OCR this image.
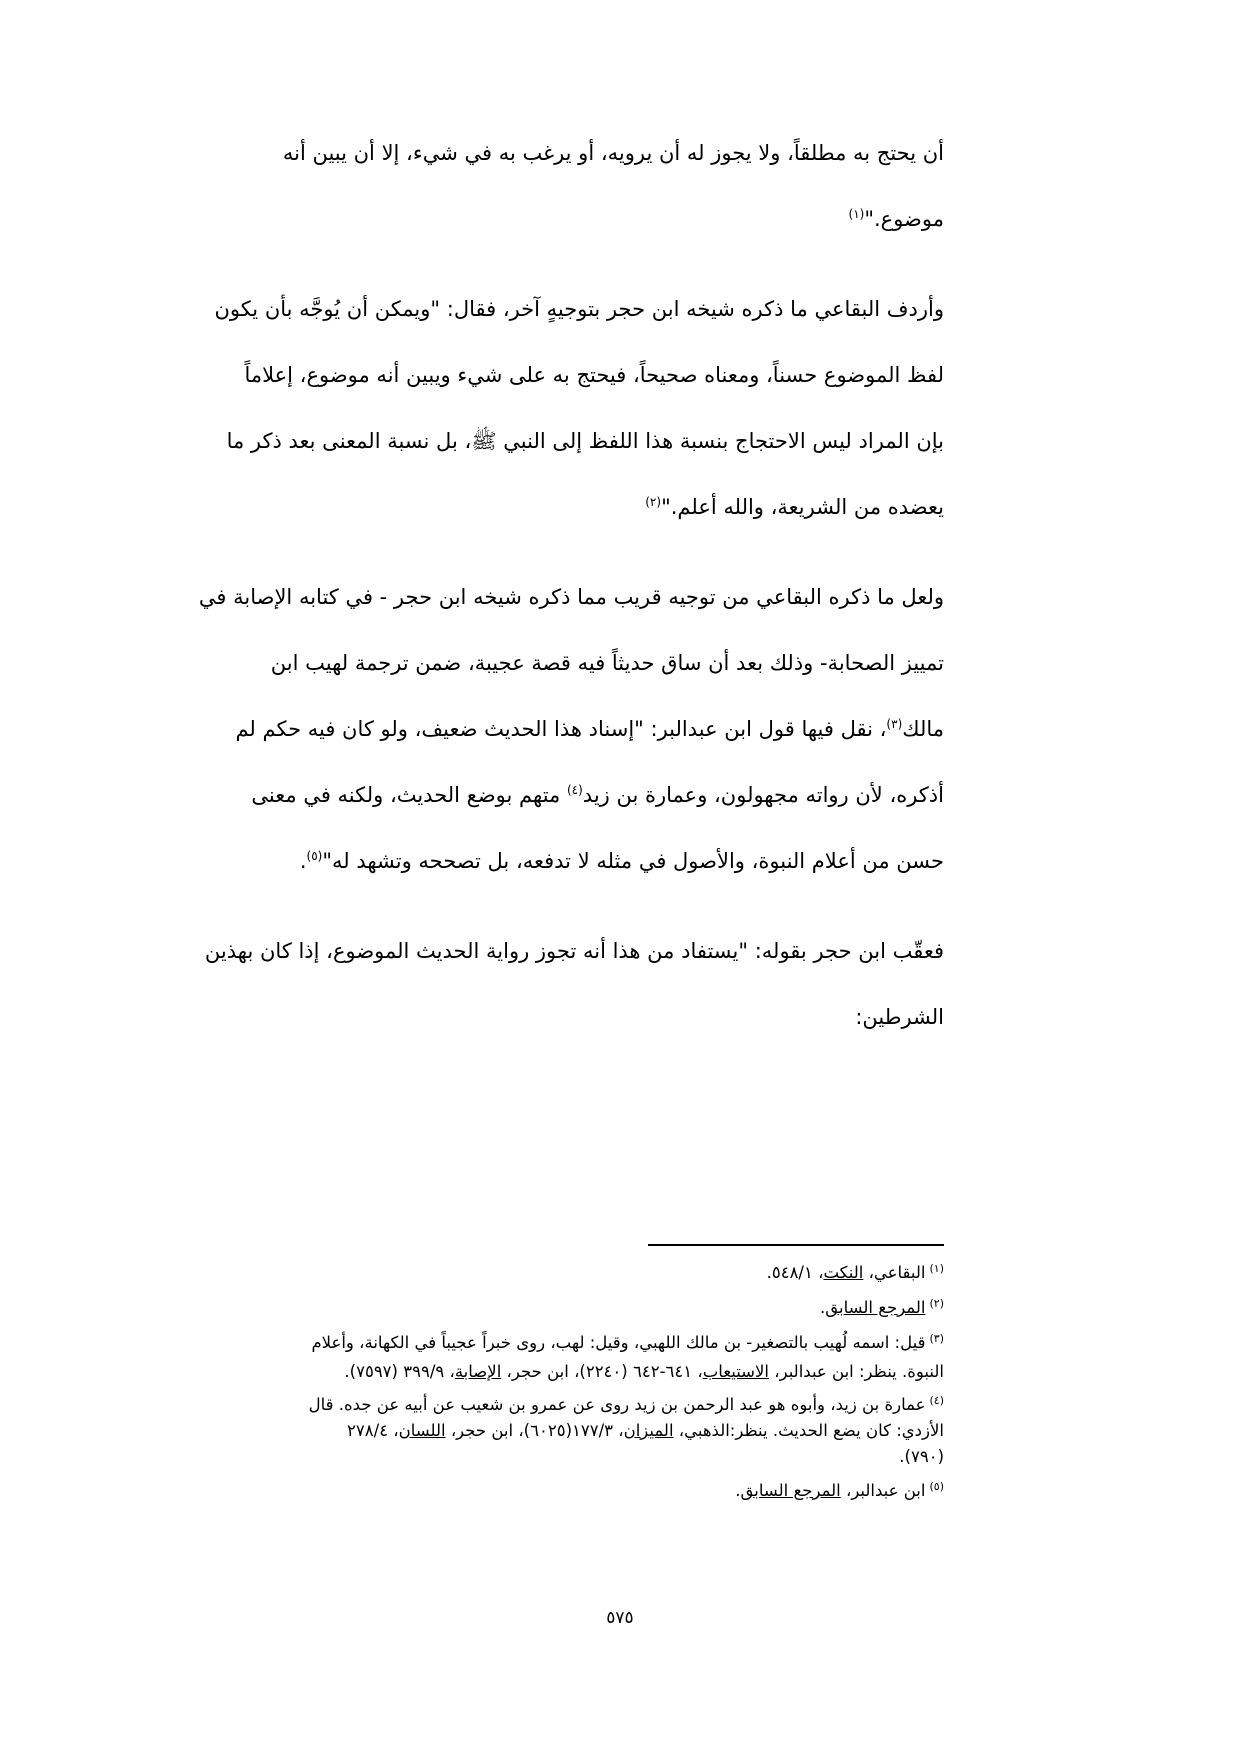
أن يحتج به مطلقاً، ولا يجوز له أن يرويه، أو يرغب به في شيء، إلا أن يبين أنه
موضوع."$^{(١)}$

وأردف البقاعي ما ذكره شيخه ابن حجر بتوجيهٍ آخر، فقال: "ويمكن أن يُوجَّه بأن يكون
لفظ الموضوع حسناً، ومعناه صحيحاً، فيحتج به على شيء ويبين أنه موضوع، إعلاماً
بإن المراد ليس الاحتجاج بنسبة هذا اللفظ إلى النبي ﷺ، بل نسبة المعنى بعد ذكر ما
يعضده من الشريعة، والله أعلم."$^{(٢)}$

ولعل ما ذكره البقاعي من توجيه قريب مما ذكره شيخه ابن حجر - في كتابه الإصابة في
تمييز الصحابة- وذلك بعد أن ساق حديثاً فيه قصة عجيبة، ضمن ترجمة لهيب ابن
مالك$^{(٣)}$، نقل فيها قول ابن عبدالبر: "إسناد هذا الحديث ضعيف، ولو كان فيه حكم لم
أذكره، لأن رواته مجهولون، وعمارة بن زيد$^{(٤)}$ متهم بوضع الحديث، ولكنه في معنى
حسن من أعلام النبوة، والأصول في مثله لا تدفعه، بل تصححه وتشهد له"$^{(٥)}$.

فعقّب ابن حجر بقوله: "يستفاد من هذا أنه تجوز رواية الحديث الموضوع، إذا كان بهذين
الشرطين:

$^{(١)}$البقاعي، النكت، ٥٤٨/١.

$^{(٢)}$المرجع السابق.

$^{(٣)}$قيل: اسمه لُهيب بالتصغير- بن مالك اللهبي، وقيل: لهب، روى خبراً عجيباً في الكهانة، وأعلام
النبوة. ينظر: ابن عبدالبر، الاستيعاب، ٦٤١-٦٤٢ (٢٢٤٠)، ابن حجر، الإصابة، ٣٩٩/٩ (٧٥٩٧).

$^{(٤)}$عمارة بن زيد، وأبوه هو عبد الرحمن بن زيد روى عن عمرو بن شعيب عن أبيه عن جده. قال
الأزدي: كان يضع الحديث. ينظر:الذهبي، الميزان، ١٧٧/٣(٦٠٢٥)، ابن حجر، اللسان، ٢٧٨/٤
(٧٩٠).

$^{(٥)}$ابن عبدالبر، المرجع السابق.

٥٧٥
